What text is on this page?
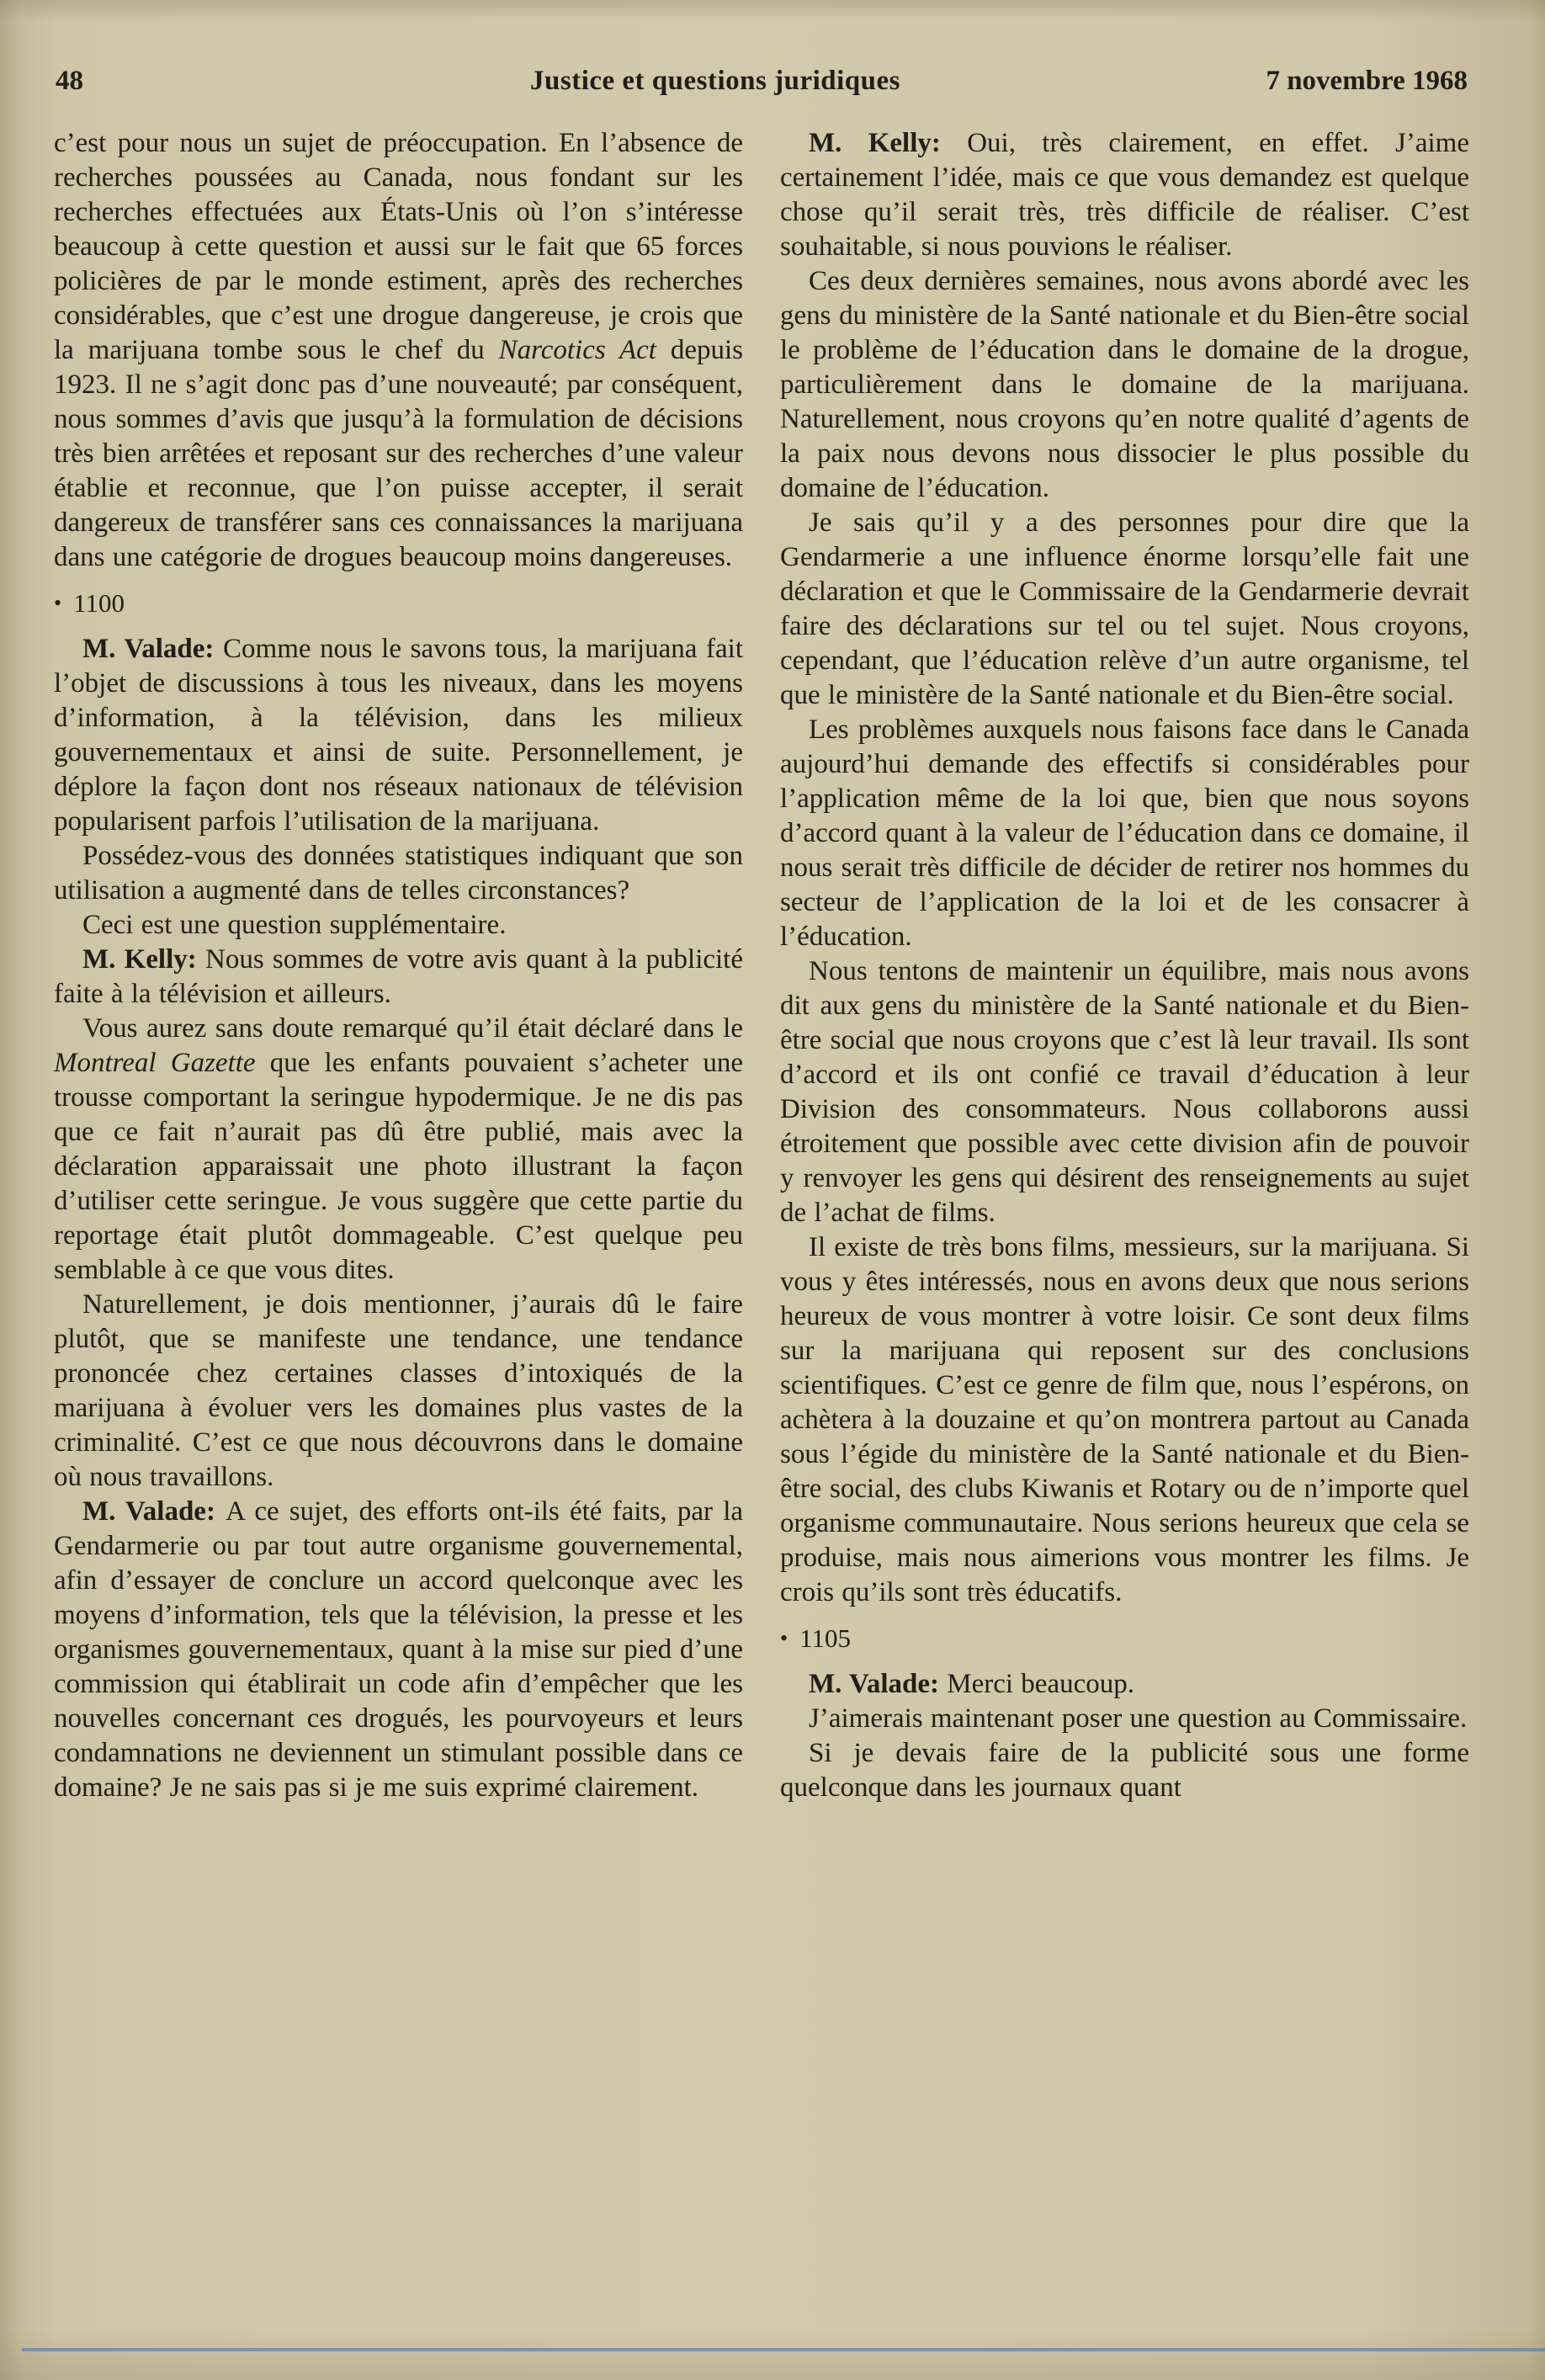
48	Justice et questions juridiques	7 novembre 1968

c’est pour nous un sujet de préoccupation. En l’absence de recherches poussées au Canada, nous fondant sur les recherches effectuées aux États-Unis où l’on s’intéresse beaucoup à cette question et aussi sur le fait que 65 forces policières de par le monde estiment, après des recherches considérables, que c’est une drogue dangereuse, je crois que la marijuana tombe sous le chef du Narcotics Act depuis 1923. Il ne s’agit donc pas d’une nouveauté; par conséquent, nous sommes d’avis que jusqu’à la formulation de décisions très bien arrêtées et reposant sur des recherches d’une valeur établie et reconnue, que l’on puisse accepter, il serait dangereux de transférer sans ces connaissances la marijuana dans une catégorie de drogues beaucoup moins dangereuses.

• 1100

M. Valade: Comme nous le savons tous, la marijuana fait l’objet de discussions à tous les niveaux, dans les moyens d’information, à la télévision, dans les milieux gouvernementaux et ainsi de suite. Personnellement, je déplore la façon dont nos réseaux nationaux de télévision popularisent parfois l’utilisation de la marijuana.

Possédez-vous des données statistiques indiquant que son utilisation a augmenté dans de telles circonstances?

Ceci est une question supplémentaire.

M. Kelly: Nous sommes de votre avis quant à la publicité faite à la télévision et ailleurs.

Vous aurez sans doute remarqué qu’il était déclaré dans le Montreal Gazette que les enfants pouvaient s’acheter une trousse comportant la seringue hypodermique. Je ne dis pas que ce fait n’aurait pas dû être publié, mais avec la déclaration apparaissait une photo illustrant la façon d’utiliser cette seringue. Je vous suggère que cette partie du reportage était plutôt dommageable. C’est quelque peu semblable à ce que vous dites.

Naturellement, je dois mentionner, j’aurais dû le faire plutôt, que se manifeste une tendance, une tendance prononcée chez certaines classes d’intoxiqués de la marijuana à évoluer vers les domaines plus vastes de la criminalité. C’est ce que nous découvrons dans le domaine où nous travaillons.

M. Valade: A ce sujet, des efforts ont-ils été faits, par la Gendarmerie ou par tout autre organisme gouvernemental, afin d’essayer de conclure un accord quelconque avec les moyens d’information, tels que la télévision, la presse et les organismes gouvernementaux, quant à la mise sur pied d’une commission qui établirait un code afin d’empêcher que les nouvelles concernant ces drogués, les pourvoyeurs et leurs condamnations ne deviennent un stimulant possible dans ce domaine? Je ne sais pas si je me suis exprimé clairement.

M. Kelly: Oui, très clairement, en effet. J’aime certainement l’idée, mais ce que vous demandez est quelque chose qu’il serait très, très difficile de réaliser. C’est souhaitable, si nous pouvions le réaliser.

Ces deux dernières semaines, nous avons abordé avec les gens du ministère de la Santé nationale et du Bien-être social le problème de l’éducation dans le domaine de la drogue, particulièrement dans le domaine de la marijuana. Naturellement, nous croyons qu’en notre qualité d’agents de la paix nous devons nous dissocier le plus possible du domaine de l’éducation.

Je sais qu’il y a des personnes pour dire que la Gendarmerie a une influence énorme lorsqu’elle fait une déclaration et que le Commissaire de la Gendarmerie devrait faire des déclarations sur tel ou tel sujet. Nous croyons, cependant, que l’éducation relève d’un autre organisme, tel que le ministère de la Santé nationale et du Bien-être social.

Les problèmes auxquels nous faisons face dans le Canada aujourd’hui demande des effectifs si considérables pour l’application même de la loi que, bien que nous soyons d’accord quant à la valeur de l’éducation dans ce domaine, il nous serait très difficile de décider de retirer nos hommes du secteur de l’application de la loi et de les consacrer à l’éducation.

Nous tentons de maintenir un équilibre, mais nous avons dit aux gens du ministère de la Santé nationale et du Bien-être social que nous croyons que c’est là leur travail. Ils sont d’accord et ils ont confié ce travail d’éducation à leur Division des consommateurs. Nous collaborons aussi étroitement que possible avec cette division afin de pouvoir y renvoyer les gens qui désirent des renseignements au sujet de l’achat de films.

Il existe de très bons films, messieurs, sur la marijuana. Si vous y êtes intéressés, nous en avons deux que nous serions heureux de vous montrer à votre loisir. Ce sont deux films sur la marijuana qui reposent sur des conclusions scientifiques. C’est ce genre de film que, nous l’espérons, on achètera à la douzaine et qu’on montrera partout au Canada sous l’égide du ministère de la Santé nationale et du Bien-être social, des clubs Kiwanis et Rotary ou de n’importe quel organisme communautaire. Nous serions heureux que cela se produise, mais nous aimerions vous montrer les films. Je crois qu’ils sont très éducatifs.

• 1105

M. Valade: Merci beaucoup.

J’aimerais maintenant poser une question au Commissaire.

Si je devais faire de la publicité sous une forme quelconque dans les journaux quant
